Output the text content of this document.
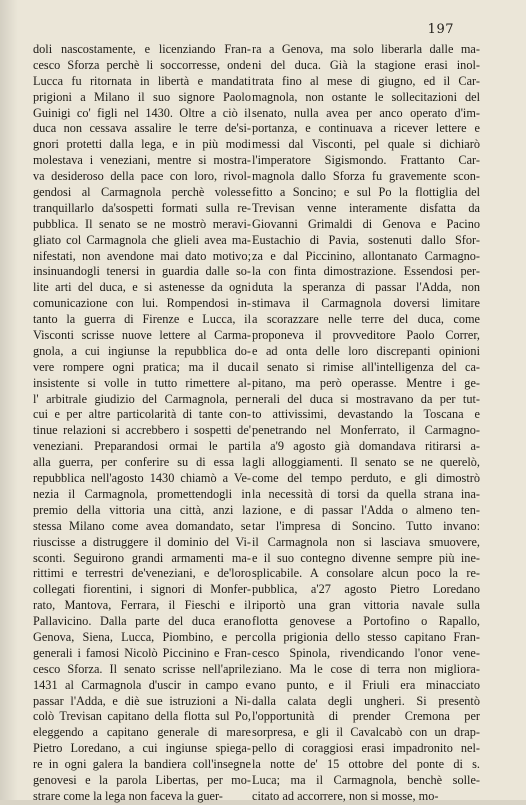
197
doli nascostamente, e licenziando Fran-
cesco Sforza perchè li soccorresse, onde
Lucca fu ritornata in libertà e mandati
prigioni a Milano il suo signore Paolo
Guinigi co' figli nel 1430. Oltre a ciò il
duca non cessava assalire le terre de'si-
gnori protetti dalla lega, e in più modi
molestava i veneziani, mentre si mostra-
va desideroso della pace con loro, rivol-
gendosi al Carmagnola perchè volesse
tranquillarlo da'sospetti formati sulla re-
pubblica. Il senato se ne mostrò meravi-
gliato col Carmagnola che glieli avea ma-
nifestati, non avendone mai dato motivo;
insinuandogli tenersi in guardia dalle so-
lite arti del duca, e si astenesse da ogni
comunicazione con lui. Rompendosi in-
tanto la guerra di Firenze e Lucca, il
Visconti scrisse nuove lettere al Carma-
gnola, a cui ingiunse la repubblica do-
vere rompere ogni pratica; ma il duca
insistente si volle in tutto rimettere al-
l' arbitrale giudizio del Carmagnola, per
cui e per altre particolarità di tante con-
tinue relazioni si accrebbero i sospetti de'
veneziani. Preparandosi ormai le parti
alla guerra, per conferire su di essa la
repubblica nell'agosto 1430 chiamò a Ve-
nezia il Carmagnola, promettendogli in
premio della vittoria una città, anzi la
stessa Milano come avea domandato, se
riuscisse a distruggere il dominio del Vi-
sconti. Seguirono grandi armamenti ma-
rittimi e terrestri de'veneziani, e de'loro
collegati fiorentini, i signori di Monfer-
rato, Mantova, Ferrara, il Fieschi e il
Pallavicino. Dalla parte del duca erano
Genova, Siena, Lucca, Piombino, e per
generali i famosi Nicolò Piccinino e Fran-
cesco Sforza. Il senato scrisse nell'aprile
1431 al Carmagnola d'uscir in campo e
passar l'Adda, e diè sue istruzioni a Ni-
colò Trevisan capitano della flotta sul Po,
eleggendo a capitano generale di mare
Pietro Loredano, a cui ingiunse spiega-
re in ogni galera la bandiera coll'insegne
genovesi e la parola Libertas, per mo-
strare come la lega non faceva la guer-
ra a Genova, ma solo liberarla dalle ma-
ni del duca. Già la stagione erasi inol-
trata fino al mese di giugno, ed il Car-
magnola, non ostante le sollecitazioni del
senato, nulla avea per anco operato d'im-
portanza, e continuava a ricever lettere e
messi dal Visconti, pel quale si dichiarò
l'imperatore Sigismondo. Frattanto Car-
magnola dallo Sforza fu gravemente scon-
fitto a Soncino; e sul Po la flottiglia del
Trevisan venne interamente disfatta da
Giovanni Grimaldi di Genova e Pacino
Eustachio di Pavia, sostenuti dallo Sfor-
za e dal Piccinino, allontanato Carmagno-
la con finta dimostrazione. Essendosi per-
duta la speranza di passar l'Adda, non
stimava il Carmagnola doversi limitare
a scorazzare nelle terre del duca, come
proponeva il provveditore Paolo Correr,
e ad onta delle loro discrepanti opinioni
il senato si rimise all'intelligenza del ca-
pitano, ma però operasse. Mentre i ge-
nerali del duca si mostravano da per tut-
to attivissimi, devastando la Toscana e
penetrando nel Monferrato, il Carmagno-
la a'9 agosto già domandava ritirarsi a-
gli alloggiamenti. Il senato se ne querelò,
come del tempo perduto, e gli dimostrò
la necessità di torsi da quella strana ina-
zione, e di passar l'Adda o almeno ten-
tar l'impresa di Soncino. Tutto invano:
il Carmagnola non si lasciava smuovere,
e il suo contegno divenne sempre più ine-
splicabile. A consolare alcun poco la re-
pubblica, a'27 agosto Pietro Loredano
riportò una gran vittoria navale sulla
flotta genovese a Portofino o Rapallo,
colla prigionia dello stesso capitano Fran-
cesco Spinola, rivendicando l'onor vene-
ziano. Ma le cose di terra non migliora-
vano punto, e il Friuli era minacciato
dalla calata degli ungheri. Si presentò
l'opportunità di prender Cremona per
sorpresa, e gli il Cavalcabò con un drap-
pello di coraggiosi erasi impadronito nel-
la notte de' 15 ottobre del ponte di s.
Luca; ma il Carmagnola, benchè solle-
citato ad accorrere, non si mosse, mo-
